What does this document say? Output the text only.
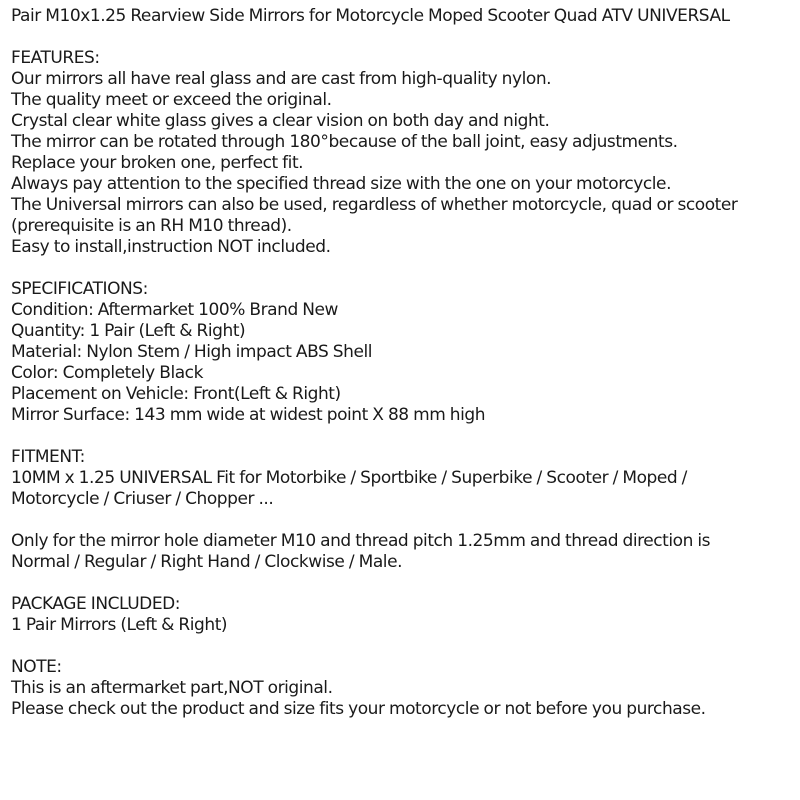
Pair M10x1.25 Rearview Side Mirrors for Motorcycle Moped Scooter Quad ATV UNIVERSAL
FEATURES:
Our mirrors all have real glass and are cast from high-quality nylon.
The quality meet or exceed the original.
Crystal clear white glass gives a clear vision on both day and night.
The mirror can be rotated through 180°because of the ball joint, easy adjustments.
Replace your broken one, perfect fit.
Always pay attention to the specified thread size with the one on your motorcycle.
The Universal mirrors can also be used, regardless of whether motorcycle, quad or scooter
(prerequisite is an RH M10 thread).
Easy to install,instruction NOT included.
SPECIFICATIONS:
Condition: Aftermarket 100% Brand New
Quantity: 1 Pair (Left & Right)
Material: Nylon Stem / High impact ABS Shell
Color: Completely Black
Placement on Vehicle: Front(Left & Right)
Mirror Surface: 143 mm wide at widest point X 88 mm high
FITMENT:
10MM x 1.25 UNIVERSAL Fit for Motorbike / Sportbike / Superbike / Scooter / Moped /
Motorcycle / Criuser / Chopper ...
Only for the mirror hole diameter M10 and thread pitch 1.25mm and thread direction is
Normal / Regular / Right Hand / Clockwise / Male.
PACKAGE INCLUDED:
1 Pair Mirrors (Left & Right)
NOTE:
This is an aftermarket part,NOT original.
Please check out the product and size fits your motorcycle or not before you purchase.
